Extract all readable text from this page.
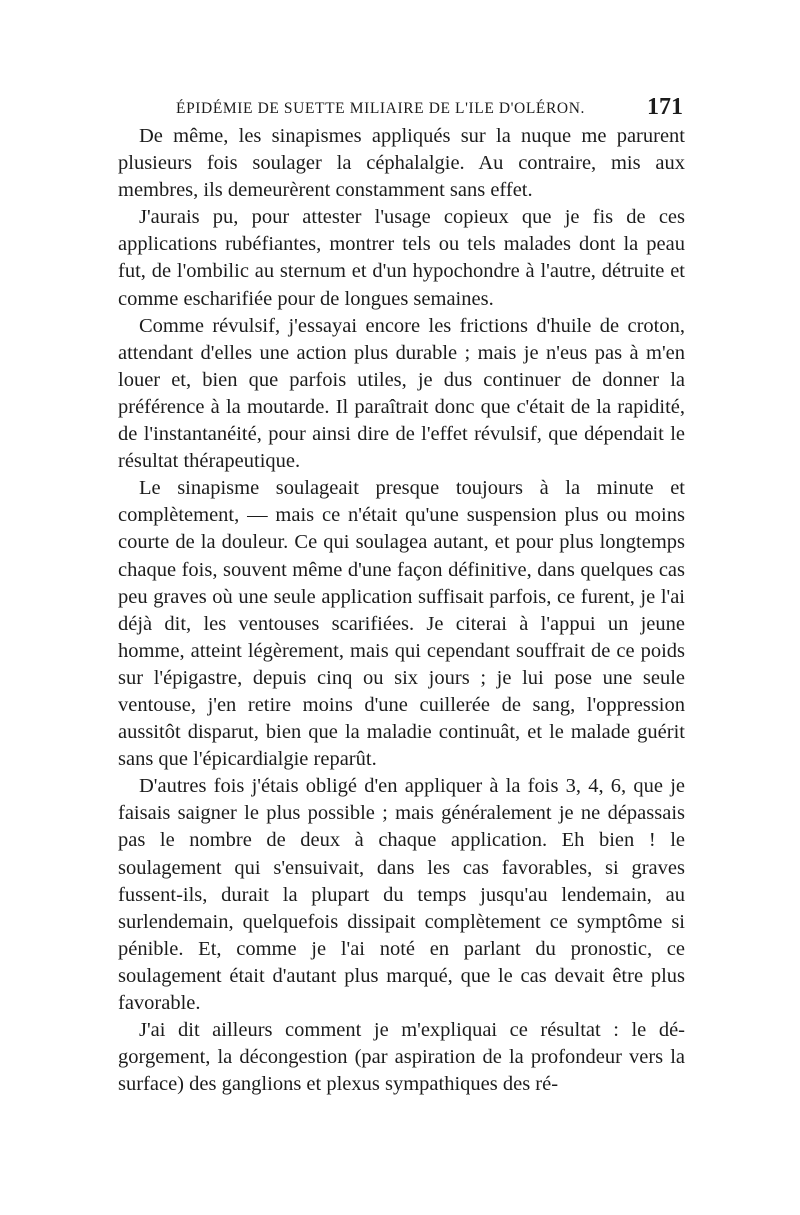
ÉPIDÉMIE DE SUETTE MILIAIRE DE L'ILE D'OLÉRON.	171

De même, les sinapismes appliqués sur la nuque me parurent plusieurs fois soulager la céphalalgie. Au contraire, mis aux membres, ils demeurèrent constamment sans effet.

J'aurais pu, pour attester l'usage copieux que je fis de ces applications rubéfiantes, montrer tels ou tels malades dont la peau fut, de l'ombilic au sternum et d'un hypochondre à l'autre, détruite et comme escharifiée pour de longues semaines.

Comme révulsif, j'essayai encore les frictions d'huile de croton, attendant d'elles une action plus durable ; mais je n'eus pas à m'en louer et, bien que parfois utiles, je dus continuer de donner la préférence à la moutarde. Il paraîtrait donc que c'était de la rapidité, de l'instantanéité, pour ainsi dire de l'effet révulsif, que dépendait le résultat thérapeutique.

Le sinapisme soulageait presque toujours à la minute et complètement, — mais ce n'était qu'une suspension plus ou moins courte de la douleur. Ce qui soulagea autant, et pour plus longtemps chaque fois, souvent même d'une façon définitive, dans quelques cas peu graves où une seule application suffisait parfois, ce furent, je l'ai déjà dit, les ventouses scarifiées. Je citerai à l'appui un jeune homme, atteint légèrement, mais qui cependant souffrait de ce poids sur l'épigastre, depuis cinq ou six jours ; je lui pose une seule ventouse, j'en retire moins d'une cuillerée de sang, l'oppression aussitôt disparut, bien que la maladie continuât, et le malade guérit sans que l'épicardialgie reparût.

D'autres fois j'étais obligé d'en appliquer à la fois 3, 4, 6, que je faisais saigner le plus possible ; mais généralement je ne dépassais pas le nombre de deux à chaque application. Eh bien ! le soulagement qui s'ensuivait, dans les cas favorables, si graves fussent-ils, durait la plupart du temps jusqu'au lendemain, au surlendemain, quelquefois dissipait complètement ce symptôme si pénible. Et, comme je l'ai noté en parlant du pronostic, ce soulagement était d'autant plus marqué, que le cas devait être plus favorable.

J'ai dit ailleurs comment je m'expliquai ce résultat : le dégorgement, la décongestion (par aspiration de la profondeur vers la surface) des ganglions et plexus sympathiques des ré-
